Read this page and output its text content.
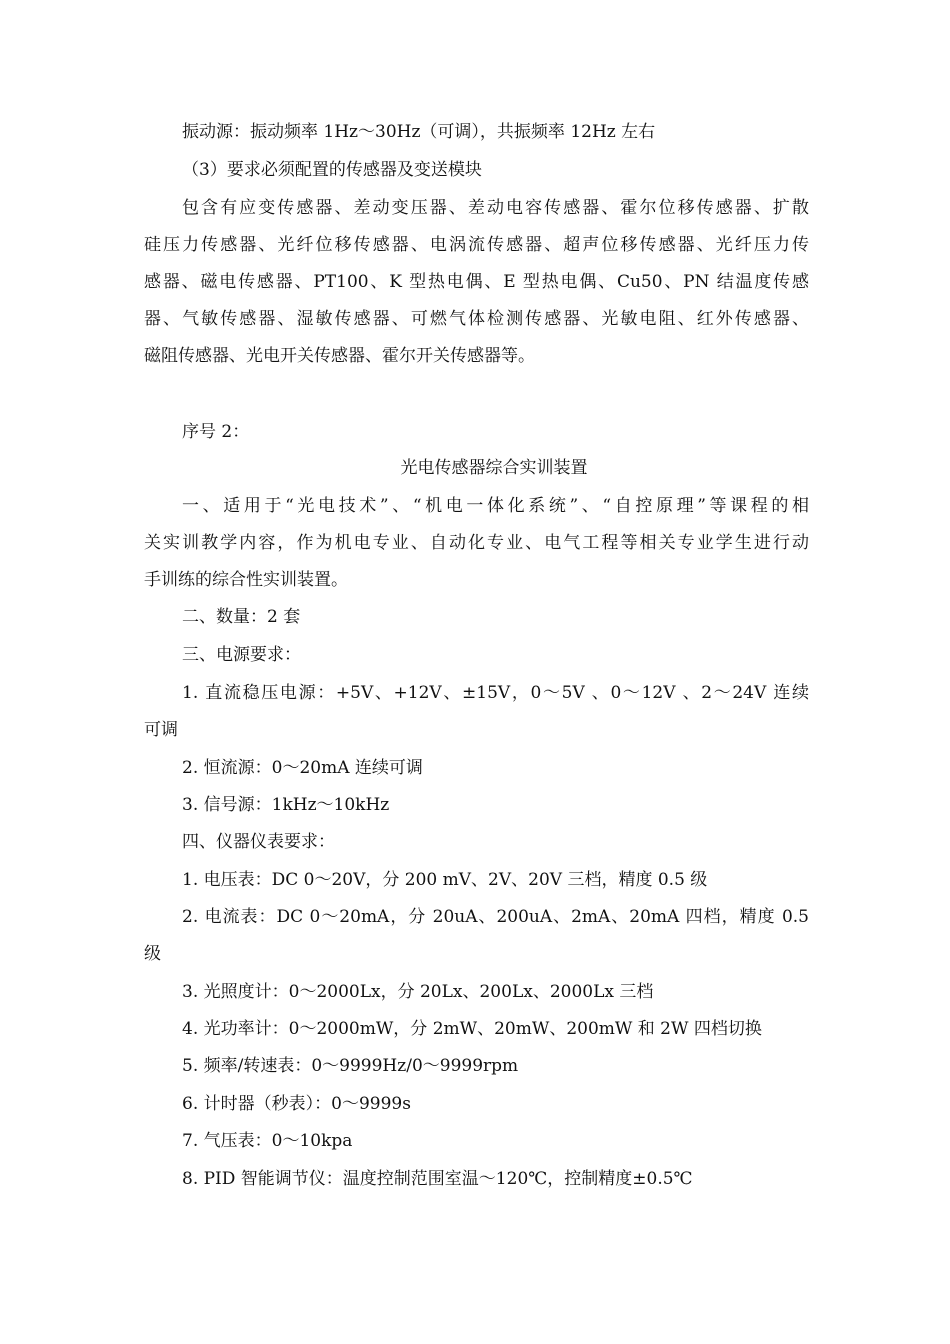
振动源：振动频率 1Hz～30Hz（可调），共振频率 12Hz 左右
（3）要求必须配置的传感器及变送模块
包含有应变传感器、差动变压器、差动电容传感器、霍尔位移传感器、扩散
硅压力传感器、光纤位移传感器、电涡流传感器、超声位移传感器、光纤压力传
感器、磁电传感器、PT100、K 型热电偶、E 型热电偶、Cu50、PN 结温度传感
器、气敏传感器、湿敏传感器、可燃气体检测传感器、光敏电阻、红外传感器、
磁阻传感器、光电开关传感器、霍尔开关传感器等。
序号 2：
光电传感器综合实训装置
一、适用于“光电技术”、“机电一体化系统”、“自控原理”等课程的相
关实训教学内容，作为机电专业、自动化专业、电气工程等相关专业学生进行动
手训练的综合性实训装置。
二、数量：2 套
三、电源要求：
1. 直流稳压电源：+5V、+12V、±15V，0～5V 、0～12V 、2～24V 连续
可调
2. 恒流源：0～20mA 连续可调
3. 信号源：1kHz～10kHz
四、仪器仪表要求：
1. 电压表：DC 0～20V，分 200 mV、2V、20V 三档，精度 0.5 级
2. 电流表：DC 0～20mA，分 20uA、200uA、2mA、20mA 四档，精度 0.5
级
3. 光照度计：0～2000Lx，分 20Lx、200Lx、2000Lx 三档
4. 光功率计：0～2000mW，分 2mW、20mW、200mW 和 2W 四档切换
5. 频率/转速表：0～9999Hz/0～9999rpm
6. 计时器（秒表）：0～9999s
7. 气压表：0～10kpa
8. PID 智能调节仪：温度控制范围室温～120℃，控制精度±0.5℃
